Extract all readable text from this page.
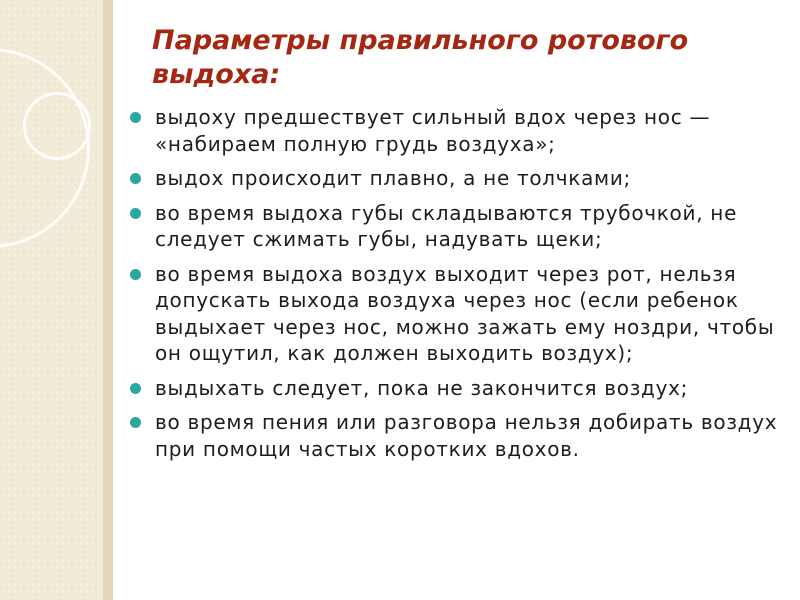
Параметры правильного ротового выдоха:
выдоху предшествует сильный вдох через нос — «набираем полную грудь воздуха»;
выдох происходит плавно, а не толчками;
во время выдоха губы складываются трубочкой, не следует сжимать губы, надувать щеки;
во время выдоха воздух выходит через рот, нельзя допускать выхода воздуха через нос (если ребенок выдыхает через нос, можно зажать ему ноздри, чтобы он ощутил, как должен выходить воздух);
выдыхать следует, пока не закончится воздух;
во время пения или разговора нельзя добирать воздух при помощи частых коротких вдохов.
